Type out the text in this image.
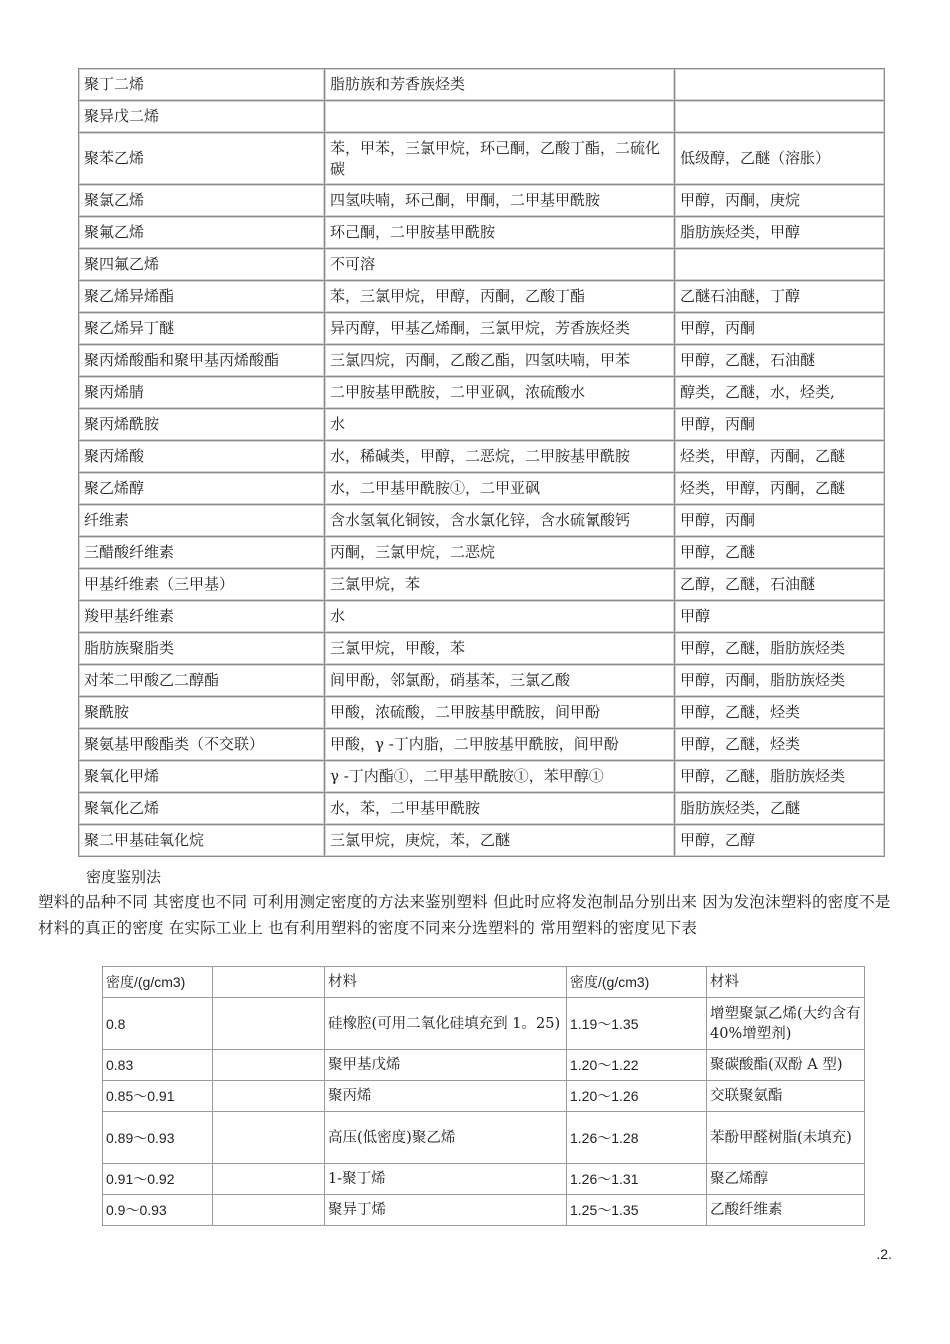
聚丁二烯	脂肪族和芳香族烃类	
聚异戊二烯		
聚苯乙烯	苯，甲苯，三氯甲烷，环己酮，乙酸丁酯，二硫化碳	低级醇，乙醚（溶胀）
聚氯乙烯	四氢呋喃，环己酮，甲酮，二甲基甲酰胺	甲醇，丙酮，庚烷
聚氟乙烯	环己酮，二甲胺基甲酰胺	脂肪族烃类，甲醇
聚四氟乙烯	不可溶	
聚乙烯异烯酯	苯，三氯甲烷，甲醇，丙酮，乙酸丁酯	乙醚石油醚，丁醇
聚乙烯异丁醚	异丙醇，甲基乙烯酮，三氯甲烷，芳香族烃类	甲醇，丙酮
聚丙烯酸酯和聚甲基丙烯酸酯	三氯四烷，丙酮，乙酸乙酯，四氢呋喃，甲苯	甲醇，乙醚，石油醚
聚丙烯腈	二甲胺基甲酰胺，二甲亚砜，浓硫酸水	醇类，乙醚，水，烃类,
聚丙烯酰胺	水	甲醇，丙酮
聚丙烯酸	水，稀碱类，甲醇，二恶烷，二甲胺基甲酰胺	烃类，甲醇，丙酮，乙醚
聚乙烯醇	水，二甲基甲酰胺①，二甲亚砜	烃类，甲醇，丙酮，乙醚
纤维素	含水氢氧化铜铵，含水氯化锌，含水硫氰酸钙	甲醇，丙酮
三醋酸纤维素	丙酮，三氯甲烷，二恶烷	甲醇，乙醚
甲基纤维素（三甲基）	三氯甲烷，苯	乙醇，乙醚，石油醚
羧甲基纤维素	水	甲醇
脂肪族聚脂类	三氯甲烷，甲酸，苯	甲醇，乙醚，脂肪族烃类
对苯二甲酸乙二醇酯	间甲酚，邻氯酚，硝基苯，三氯乙酸	甲醇，丙酮，脂肪族烃类
聚酰胺	甲酸，浓硫酸，二甲胺基甲酰胺，间甲酚	甲醇，乙醚，烃类
聚氨基甲酸酯类（不交联）	甲酸，γ -丁内脂，二甲胺基甲酰胺，间甲酚	甲醇，乙醚，烃类
聚氧化甲烯	γ -丁内酯①，二甲基甲酰胺①，苯甲醇①	甲醇，乙醚，脂肪族烃类
聚氧化乙烯	水，苯，二甲基甲酰胺	脂肪族烃类，乙醚
聚二甲基硅氧化烷	三氯甲烷，庚烷，苯，乙醚	甲醇，乙醇
密度鉴别法
塑料的品种不同 其密度也不同 可利用测定密度的方法来鉴别塑料 但此时应将发泡制品分别出来 因为发泡沫塑料的密度不是材料的真正的密度 在实际工业上 也有利用塑料的密度不同来分选塑料的 常用塑料的密度见下表
密度/(g/cm3)		材料	密度/(g/cm3)	材料
0.8		硅橡腔(可用二氧化硅填充到 1。25)	1.19～1.35	增塑聚氯乙烯(大约含有 40%增塑剂)
0.83		聚甲基戊烯	1.20～1.22	聚碳酸酯(双酚 A 型)
0.85～0.91		聚丙烯	1.20～1.26	交联聚氨酯
0.89～0.93		高压(低密度)聚乙烯	1.26～1.28	苯酚甲醛树脂(未填充)
0.91～0.92		1-聚丁烯	1.26～1.31	聚乙烯醇
0.9～0.93		聚异丁烯	1.25～1.35	乙酸纤维素
.2.
